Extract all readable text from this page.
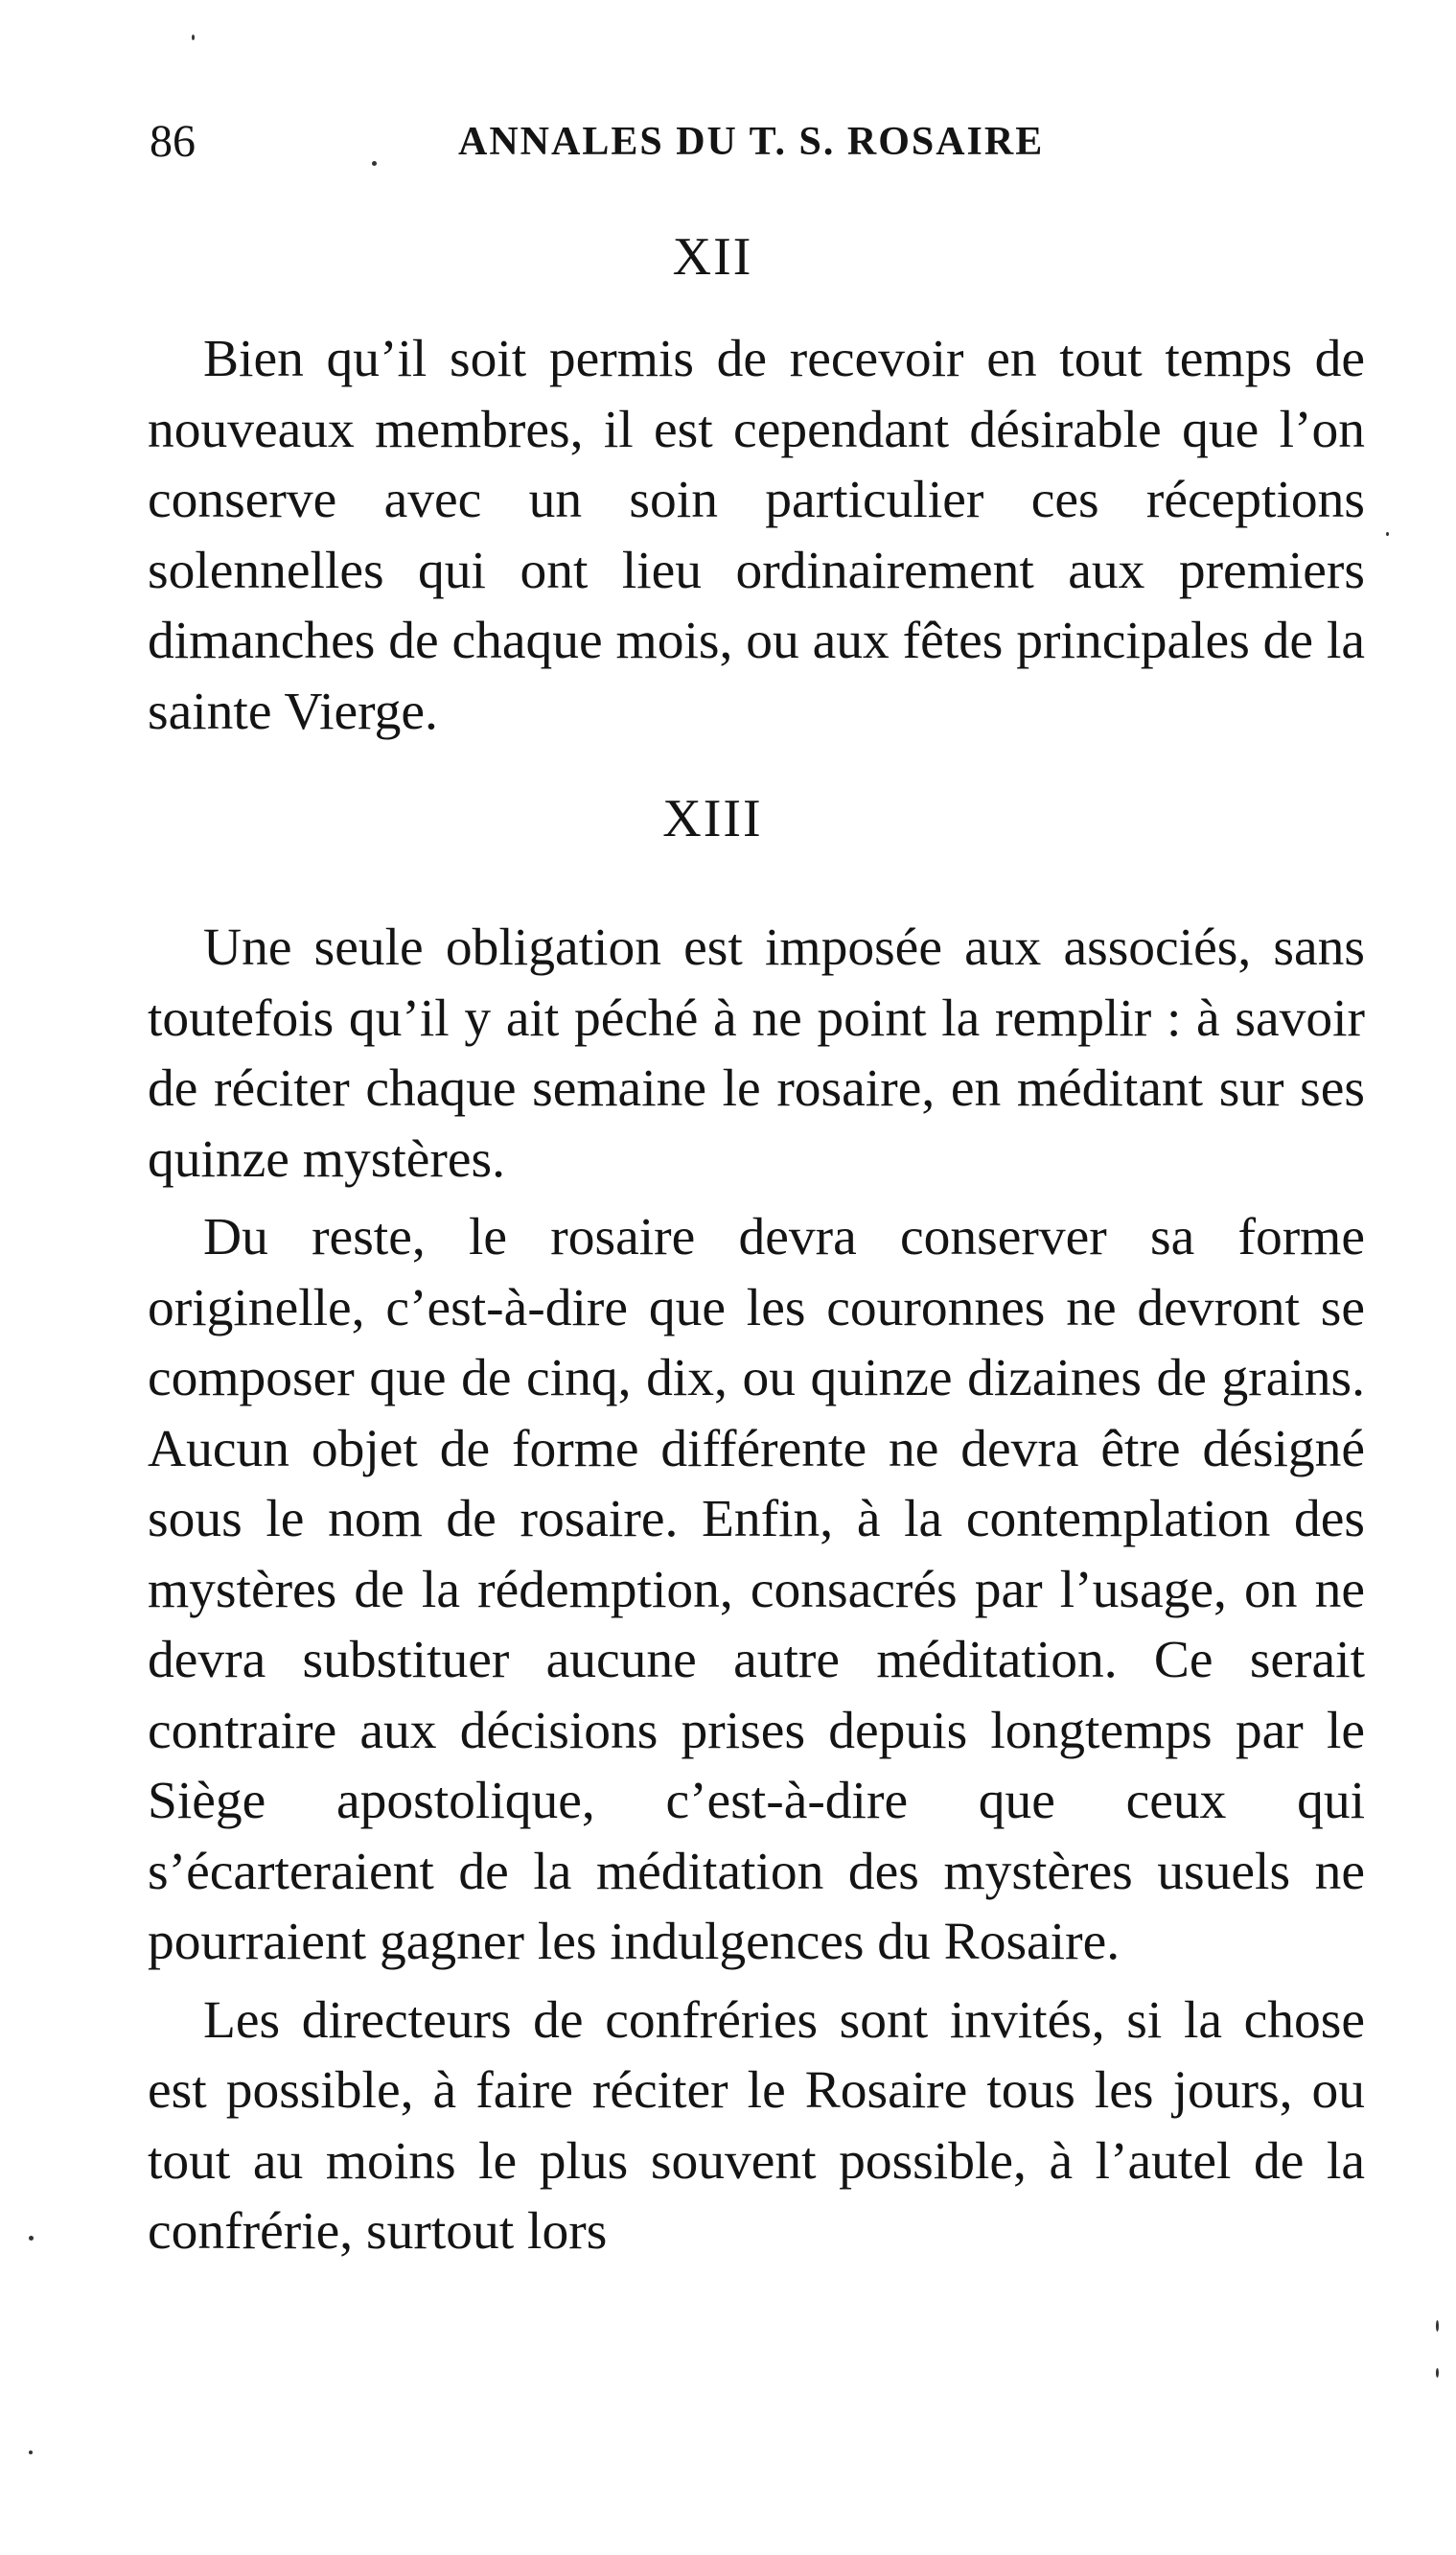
86	ANNALES DU T. S. ROSAIRE
XII

Bien qu’il soit permis de recevoir en tout temps de nouveaux membres, il est cependant désirable que l’on conserve avec un soin particulier ces réceptions solennelles qui ont lieu ordinairement aux premiers dimanches de chaque mois, ou aux fêtes principales de la sainte Vierge.

XIII

Une seule obligation est imposée aux associés, sans toutefois qu’il y ait péché à ne point la remplir : à savoir de réciter chaque semaine le rosaire, en méditant sur ses quinze mystères.

Du reste, le rosaire devra conserver sa forme originelle, c’est-à-dire que les couronnes ne devront se composer que de cinq, dix, ou quinze dizaines de grains. Aucun objet de forme différente ne devra être désigné sous le nom de rosaire. Enfin, à la contemplation des mystères de la rédemption, consacrés par l’usage, on ne devra substituer aucune autre méditation. Ce serait contraire aux décisions prises depuis longtemps par le Siège apostolique, c’est-à-dire que ceux qui s’écarteraient de la méditation des mystères usuels ne pourraient gagner les indulgences du Rosaire.

Les directeurs de confréries sont invités, si la chose est possible, à faire réciter le Rosaire tous les jours, ou tout au moins le plus souvent possible, à l’autel de la confrérie, surtout lors
